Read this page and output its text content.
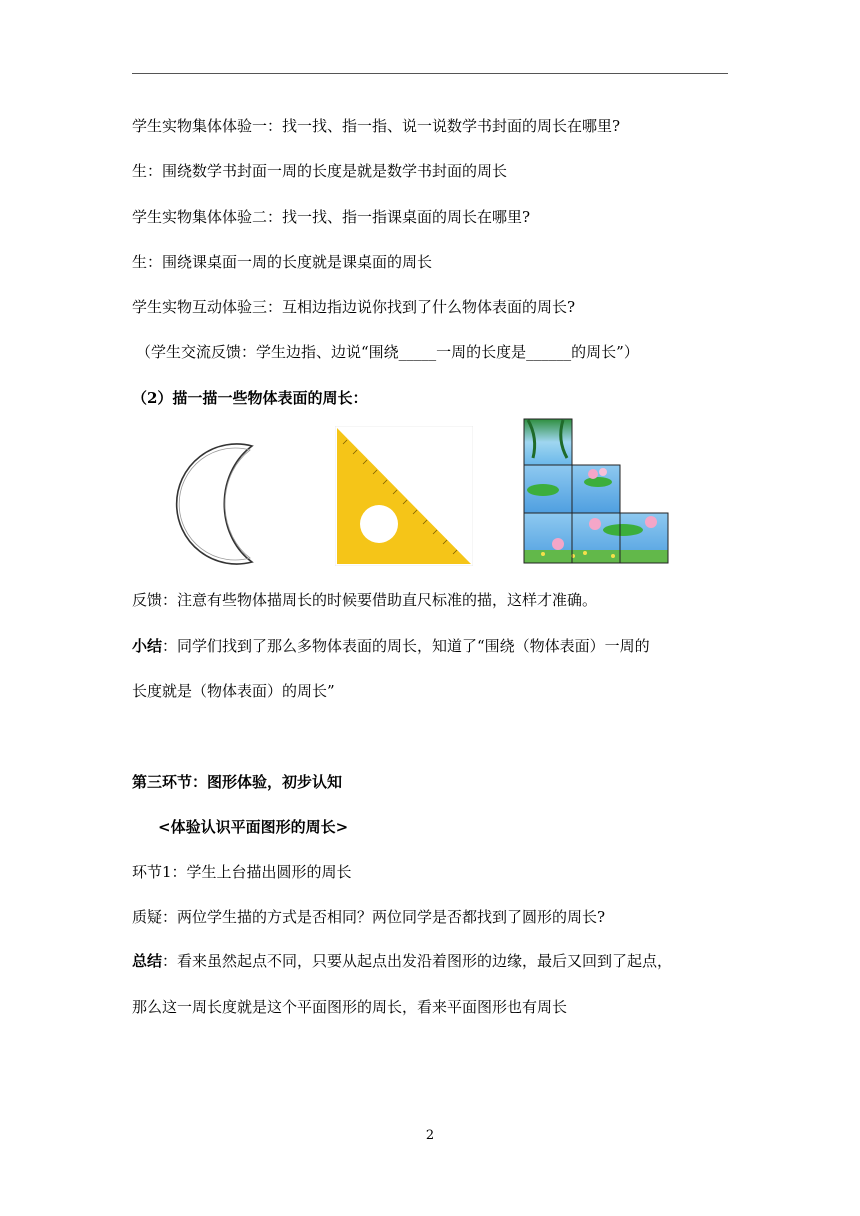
学生实物集体体验一：找一找、指一指、说一说数学书封面的周长在哪里?
生：围绕数学书封面一周的长度是就是数学书封面的周长
学生实物集体体验二：找一找、指一指课桌面的周长在哪里?
生：围绕课桌面一周的长度就是课桌面的周长
学生实物互动体验三：互相边指边说你找到了什么物体表面的周长?
（学生交流反馈：学生边指、边说“围绕_____一周的长度是______的周长”）
（2）描一描一些物体表面的周长：
反馈：注意有些物体描周长的时候要借助直尺标准的描，这样才准确。
小结：同学们找到了那么多物体表面的周长，知道了“围绕（物体表面）一周的
长度就是（物体表面）的周长”
第三环节：图形体验，初步认知
<体验认识平面图形的周长>
环节1：学生上台描出圆形的周长
质疑：两位学生描的方式是否相同？两位同学是否都找到了圆形的周长?
总结：看来虽然起点不同，只要从起点出发沿着图形的边缘，最后又回到了起点，
那么这一周长度就是这个平面图形的周长，看来平面图形也有周长
2
